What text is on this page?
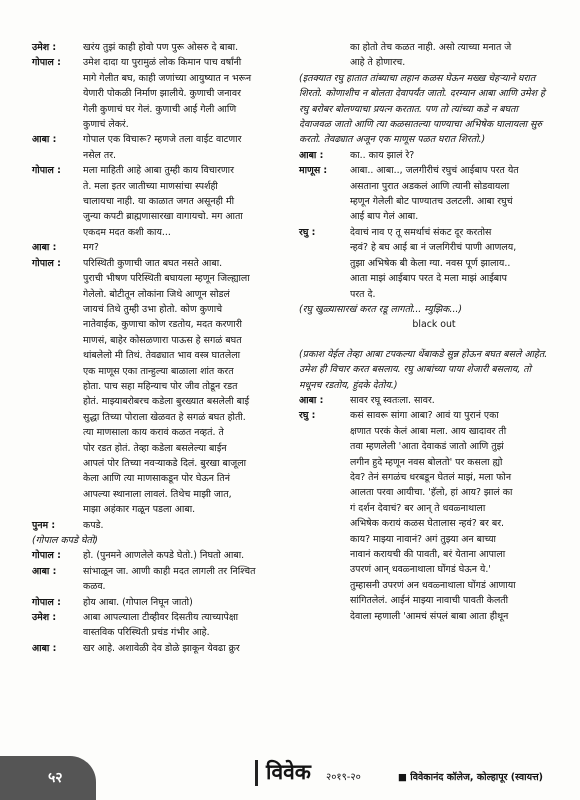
उमेश :	खरंय तुझं काही होवो पण पुरू ओसरु दे बाबा.
गोपाल :	उमेश दादा या पुरामुळं लोक किमान पाच वर्षांनी
मागे गेलीत बघ, काही जणांच्या आयुष्यात न भरून
येणारी पोकळी निर्माण झालीये. कुणाची जनावर
गेली कुणाचं घर गेलं. कुणाची आई गेली आणि
कुणाचं लेकरं.
आबा :	गोपाल एक विचारू? म्हणजे तला वाईट वाटणार
नसेल तर.
गोपाल :	मला माहिती आहे आबा तुम्ही काय विचारणार
ते. मला इतर जातीच्या माणसांचा स्पर्शही
चालायचा नाही. या काळात जगत असूनही मी
जुन्या कपटी ब्राह्मणासारखा वागायचो. मग आता
एकदम मदत कशी काय...
आबा :	मग?
गोपाल :	परिस्थिती कुणाची जात बघत नसते आबा.
पुराची भीषण परिस्थिती बघायला म्हणून जिल्ह्याला
गेलेलो. बोटीतून लोकांना जिथे आणून सोडलं
जायचं तिथे तुम्ही उभा होतो. कोण कुणाचे
नातेवाईक, कुणाचा कोण रडतोय, मदत करणारी
माणसं, बाहेर कोसळणारा पाऊस हे सगळं बघत
थांबलेलो मी तिथं. तेवढ्यात भाव वस्त्र घातलेला
एक माणूस एका तान्हुल्या बाळाला शांत करत
होता. पाच सहा महिन्याच पोर जीव तोडून रडत
होतं. माझ्याबरोबरच कडेला बुरख्यात बसलेली बाई
सुद्धा तिच्या पोराला खेळवत हे सगळं बघत होती.
त्या माणसाला काय करावं कळत नव्हतं. ते
पोर रडत होतं. तेव्हा कडेला बसलेल्या बाईन
आपलं पोर तिच्या नवऱ्याकडे दिलं. बुरखा बाजूला
केला आणि त्या माणसाकडून पोर घेऊन तिनं
आपल्या स्थानाला लावलं. तिथेच माझी जात,
माझा अहंकार गळून पडला आबा.
पुनम :	कपडे.
(गोपाल कपडे घेतो)
गोपाल :	हो. (पुनमने आणलेले कपडे घेतो.) निघतो आबा.
आबा :	सांभाळून जा. आणी काही मदत लागली तर निश्चित
कळव.
गोपाल :	होय आबा. (गोपाल निघून जातो)
उमेश :	आबा आपल्याला टीव्हीवर दिसतीय त्याच्यापेक्षा
वास्तविक परिस्थिती प्रचंड गंभीर आहे.
आबा :	खर आहे. अशावेळी देव डोळे झाकून येवढा क्रुर
का होतो तेच कळत नाही. असो त्याच्या मनात जे
आहे ते होणारच.
(इतक्यात रघु हातात तांब्याचा लहान कळस घेऊन मख्ख चेहऱ्याने घरात शिरतो. कोणाशीच न बोलता देवापर्यंत जातो. दरम्यान आबा आणि उमेश हे रघु बरोबर बोलण्याचा प्रयत्न करतात. पण तो त्यांच्या कडे न बघता देवाजवळ जातो आणि त्या कळसातल्या पाण्याचा अभिषेक घालायला सुरु करतो. तेवढ्यात अजून एक माणूस पळत घरात शिरतो.)
आबा :	का.. काय झालं रे?
माणूस :	आबा.. आबा.., जलगीरीचं रघुचं आईबाप परत येत
असताना पुरात अडकलं आणि त्यानी सोडवायला
म्हणून गेलेली बोट पाण्यातच उलटली. आबा रघुचं
आई बाप गेलं आबा.
रघु :	देवाचं नाव ए तू समर्थाचं संकट दूर करतोस
न्हवं? हे बघ आई बा नं जलगिरीचं पाणी आणलय,
तुझा अभिषेक बी केला ग्या. नवस पूर्ण झालाय..
आता माझं आईबाप परत दे मला माझं आईबाप
परत दे.
(रघु खुळ्यासारखं करत रडू लागतो... म्युझिक...)
black out
(प्रकाश येईल तेव्हा आबा टपकल्या थेंबाकडे सुन्न होऊन बघत बसले आहेत. उमेश ही विचार करत बसलाय. रघु आबांच्या पाया शेजारी बसलाय, तो मधूनच रडतोय, हुंदके देतोय.)
आबा :	सावर रघू स्वतःला. सावर.
रघु :	कसं सावरू सांगा आबा? आवं या पुरानं एका
क्षणात परकं केलं आबा मला. आय खादावर ती
तवा म्हणलेली 'आता देवाकडं जातो आणि तुझं
लगीन हुदे म्हणून नवस बोलतो' पर कसला ह्यो
देव? तेनं सगळंच धरबडून घेतलं माझं, मला फोन
आलता परवा आयीचा. 'हॅलो, हां आय? झालं का
गं दर्शन देवाचं? बर आन् ते धवळ्नाथाला
अभिषेक करायं कळस घेतालास न्हवं? बर बर.
काय? माझ्या नावानं? अगं तुझ्या अन बाच्या
नावानं करायची की पावती, बरं येताना आपाला
उपरणं आन् धवळ्नाथाला घोंगडं घेऊन ये.'
तुम्हासनी उपरणं अन धवळ्नाथाला घोंगडं आणाया
सांगितलेलं. आईनं माझ्या नावाची पावती केलती
देवाला म्हणाली 'आमचं संपलं बाबा आता हीथून
५२	विवेक २०१९-२०	■ विवेकानंद कॉलेज, कोल्हापूर (स्वायत्त)
